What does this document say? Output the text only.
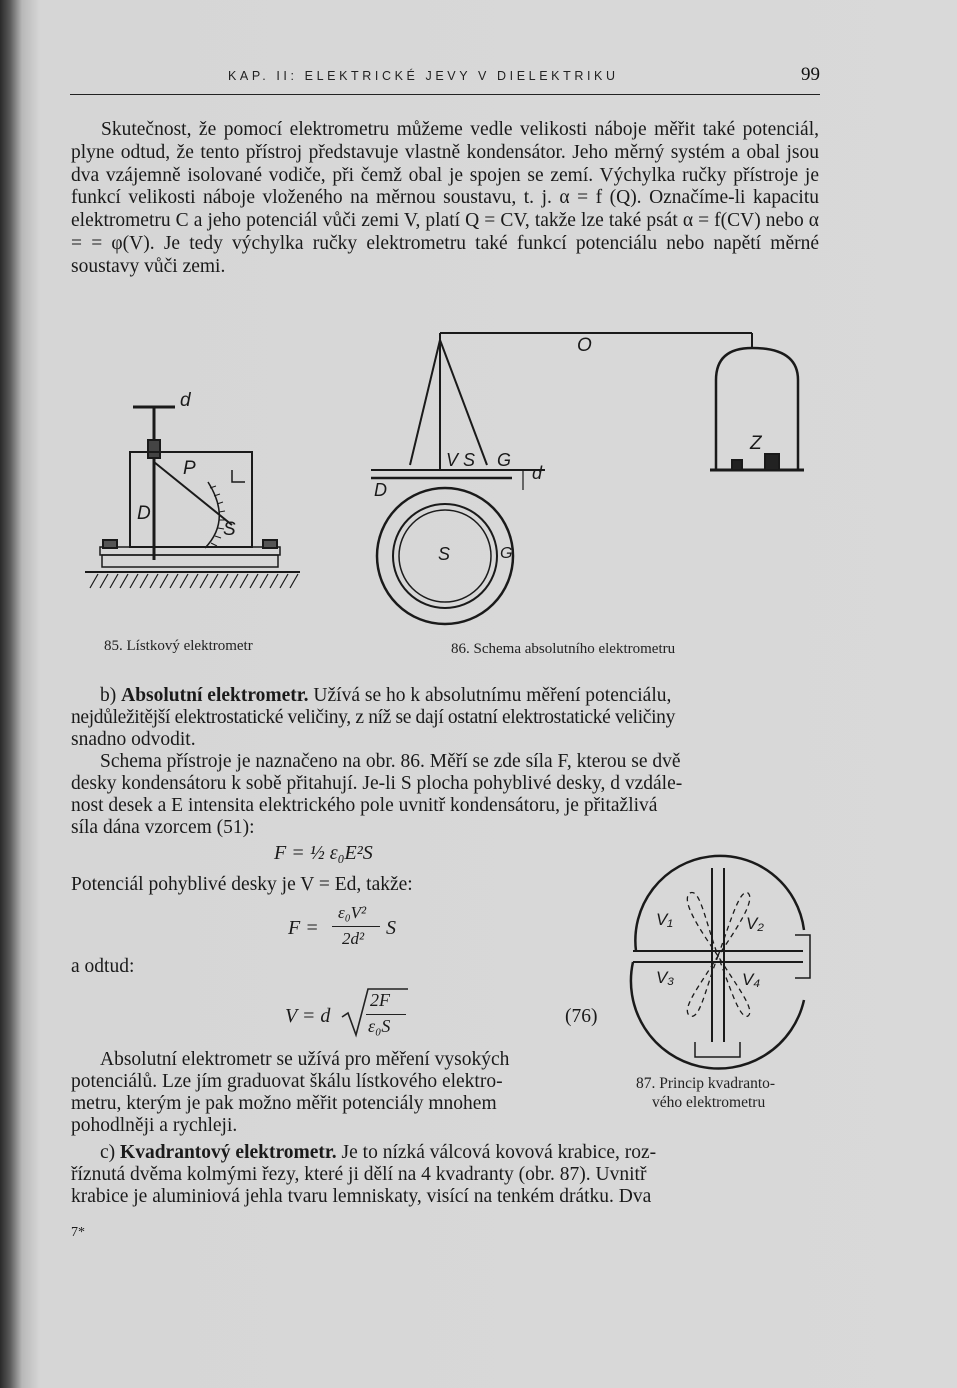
KAP. II: ELEKTRICKÉ JEVY V DIELEKTRIKU	99

Skutečnost, že pomocí elektrometru můžeme vedle velikosti náboje měřit také potenciál, plyne odtud, že tento přístroj představuje vlastně kondensátor. Jeho měrný systém a obal jsou dva vzájemně isolované vodiče, při čemž obal je spojen se zemí. Výchylka ručky přístroje je funkcí velikosti náboje vloženého na měrnou soustavu, t. j. α = f (Q). Označíme-li kapacitu elektrometru C a jeho potenciál vůči zemi V, platí Q = CV, takže lze také psát α = f(CV) nebo α = = φ(V). Je tedy výchylka ručky elektrometru také funkcí potenciálu nebo napětí měrné soustavy vůči zemi.

d
P
D
S
O
Z
V S G
d
D
S	G
85. Lístkový elektrometr	86. Schema absolutního elektrometru
b) Absolutní elektrometr. Užívá se ho k absolutnímu měření potenciálu,
nejdůležitější elektrostatické veličiny, z níž se dají ostatní elektrostatické veličiny
snadno odvodit.
Schema přístroje je naznačeno na obr. 86. Měří se zde síla F, kterou se dvě
desky kondensátoru k sobě přitahují. Je-li S plocha pohyblivé desky, d vzdále-
nost desek a E intensita elektrického pole uvnitř kondensátoru, je přitažlivá
síla dána vzorcem (51):
F = ½ ε₀E²S
Potenciál pohyblivé desky je V = Ed, takže:
F =
ε₀V²
2d² S
a odtud:
V = d
2F
ε₀S	(76)
Absolutní elektrometr se užívá pro měření vysokých
potenciálů. Lze jím graduovat škálu lístkového elektro-
metru, kterým je pak možno měřit potenciály mnohem
pohodlněji a rychleji.
V₁	V₂
V₃	V₄
87. Princip kvadranto-
vého elektrometru
c) Kvadrantový elektrometr. Je to nízká válcová kovová krabice, roz-
říznutá dvěma kolmými řezy, které ji dělí na 4 kvadranty (obr. 87). Uvnitř
krabice je aluminiová jehla tvaru lemniskaty, visící na tenkém drátku. Dva
7*
